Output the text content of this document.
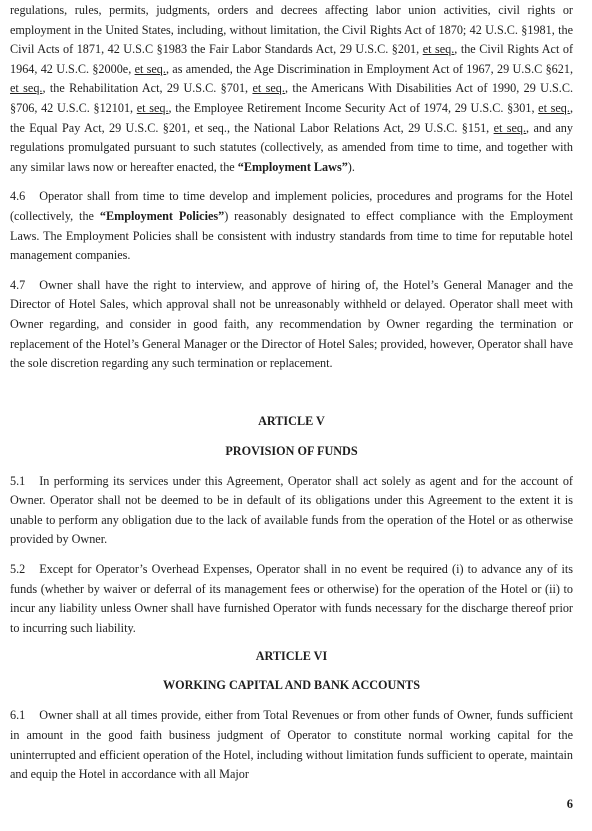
regulations, rules, permits, judgments, orders and decrees affecting labor union activities, civil rights or employment in the United States, including, without limitation, the Civil Rights Act of 1870; 42 U.S.C. §1981, the Civil Acts of 1871, 42 U.S.C §1983 the Fair Labor Standards Act, 29 U.S.C. §201, et seq., the Civil Rights Act of 1964, 42 U.S.C. §2000e, et seq., as amended, the Age Discrimination in Employment Act of 1967, 29 U.S.C §621, et seq., the Rehabilitation Act, 29 U.S.C. §701, et seq., the Americans With Disabilities Act of 1990, 29 U.S.C. §706, 42 U.S.C. §12101, et seq., the Employee Retirement Income Security Act of 1974, 29 U.S.C. §301, et seq., the Equal Pay Act, 29 U.S.C. §201, et seq., the National Labor Relations Act, 29 U.S.C. §151, et seq., and any regulations promulgated pursuant to such statutes (collectively, as amended from time to time, and together with any similar laws now or hereafter enacted, the “Employment Laws”).

4.6 Operator shall from time to time develop and implement policies, procedures and programs for the Hotel (collectively, the “Employment Policies”) reasonably designated to effect compliance with the Employment Laws. The Employment Policies shall be consistent with industry standards from time to time for reputable hotel management companies.

4.7 Owner shall have the right to interview, and approve of hiring of, the Hotel’s General Manager and the Director of Hotel Sales, which approval shall not be unreasonably withheld or delayed. Operator shall meet with Owner regarding, and consider in good faith, any recommendation by Owner regarding the termination or replacement of the Hotel’s General Manager or the Director of Hotel Sales; provided, however, Operator shall have the sole discretion regarding any such termination or replacement.

ARTICLE V

PROVISION OF FUNDS

5.1 In performing its services under this Agreement, Operator shall act solely as agent and for the account of Owner. Operator shall not be deemed to be in default of its obligations under this Agreement to the extent it is unable to perform any obligation due to the lack of available funds from the operation of the Hotel or as otherwise provided by Owner.

5.2 Except for Operator’s Overhead Expenses, Operator shall in no event be required (i) to advance any of its funds (whether by waiver or deferral of its management fees or otherwise) for the operation of the Hotel or (ii) to incur any liability unless Owner shall have furnished Operator with funds necessary for the discharge thereof prior to incurring such liability.

ARTICLE VI

WORKING CAPITAL AND BANK ACCOUNTS

6.1 Owner shall at all times provide, either from Total Revenues or from other funds of Owner, funds sufficient in amount in the good faith business judgment of Operator to constitute normal working capital for the uninterrupted and efficient operation of the Hotel, including without limitation funds sufficient to operate, maintain and equip the Hotel in accordance with all Major

6
